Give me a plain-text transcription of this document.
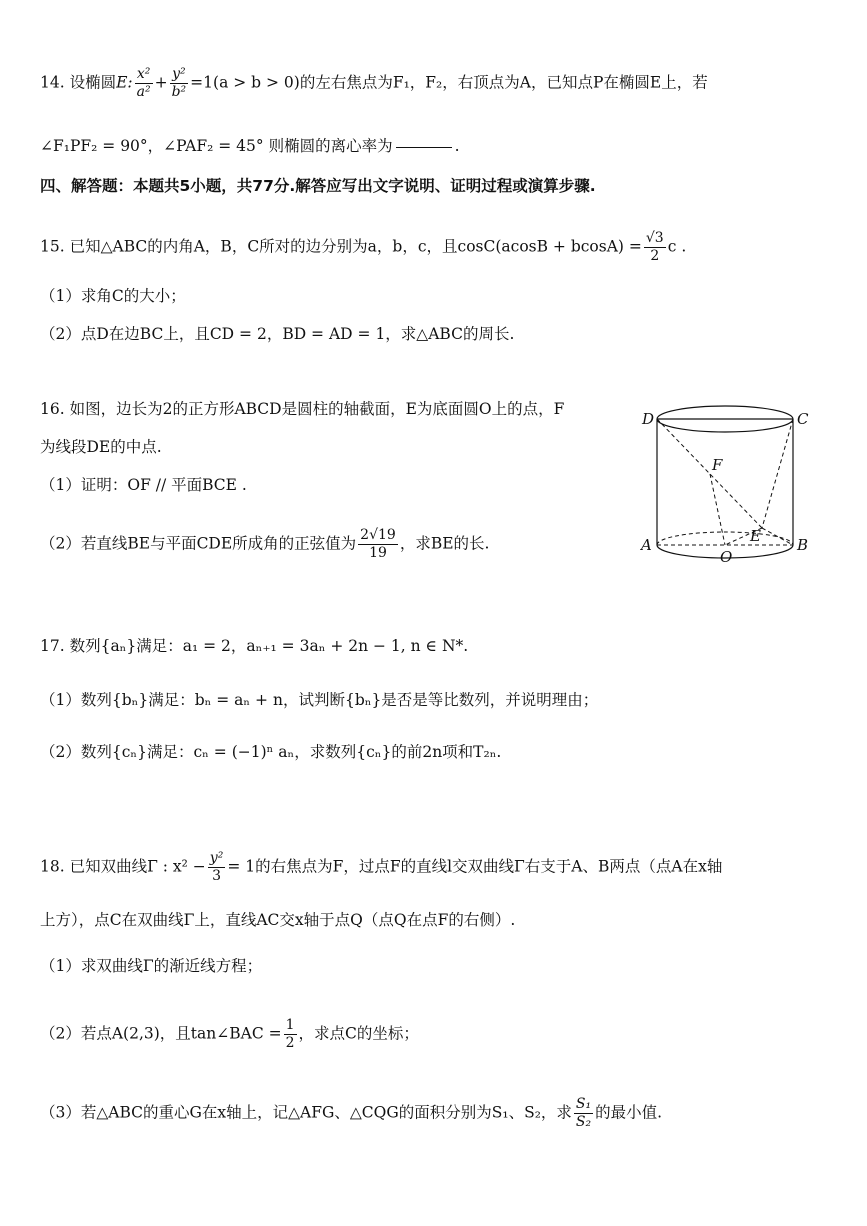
14. 设椭圆E: $\frac{\text{x²}}{\text{a²}} + \frac{\text{y²}}{\text{b²}} =1(a > b > 0)$的左右焦点为F₁，F₂，右顶点为A，已知点P在椭圆E上，若
∠F₁PF₂ = 90°，∠PAF₂ = 45° 则椭圆的离心率为	.
四、解答题：本题共5小题，共77分.解答应写出文字说明、证明过程或演算步骤.
15. 已知△ABC的内角A，B，C所对的边分别为a，b，c，且$\cos C(acosB + bcosA) = \frac{√3}{2}$ c .
（1）求角C的大小；
（2）点D在边BC上，且CD = 2，BD = AD = 1，求△ABC的周长.
16. 如图，边长为2的正方形ABCD是圆柱的轴截面，E为底面圆O上的点，F
为线段DE的中点.
（1）证明：OF // 平面BCE .
（2）若直线BE与平面CDE所成角的正弦值为 $\frac{2√19}{19}$ ，求BE的长.
D	C
F
E
A
O
B
17. 数列{aₙ}满足：a₁ = 2，aₙ₊₁ = 3aₙ + 2n − 1, n ∈ N*.
（1）数列{bₙ}满足：bₙ = aₙ + n，试判断{bₙ}是否是等比数列，并说明理由；
（2）数列{cₙ}满足：cₙ = (−1)ⁿ aₙ，求数列{cₙ}的前2n项和T₂ₙ.
18. 已知双曲线Γ : $x^2 - \frac{\text{y²}}{3} = 1$的右焦点为F，过点F的直线l交双曲线Γ右支于A、B两点（点A在x轴
上方），点C在双曲线Γ上，直线AC交x轴于点Q（点Q在点F的右侧）.
（1）求双曲线Γ的渐近线方程；
（2）若点A(2,3)，且tan∠BAC = $\frac{1}{2}$ ，求点C的坐标；
（3）若△ABC的重心G在x轴上，记△AFG、△CQG的面积分别为S₁、S₂，求 $\frac{\text{S₁}}{\text{S₂}}$ 的最小值.
